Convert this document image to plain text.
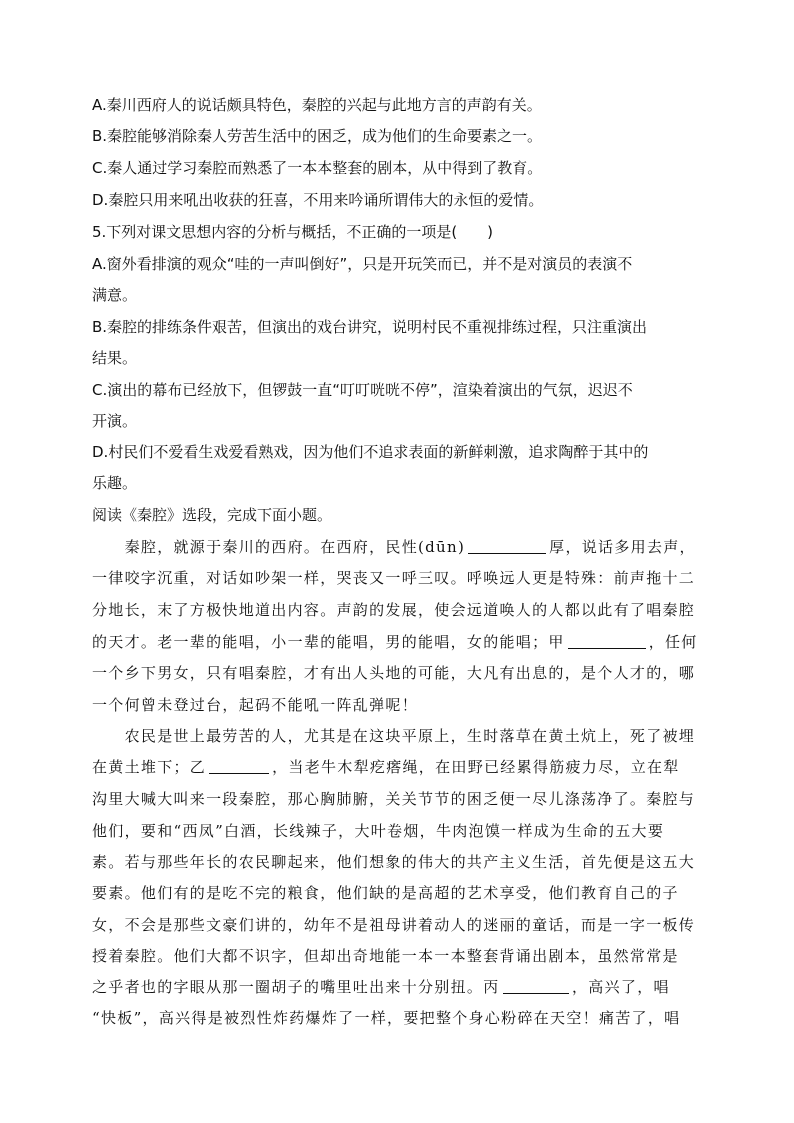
A.秦川西府人的说话颇具特色，秦腔的兴起与此地方言的声韵有关。
B.秦腔能够消除秦人劳苦生活中的困乏，成为他们的生命要素之一。
C.秦人通过学习秦腔而熟悉了一本本整套的剧本，从中得到了教育。
D.秦腔只用来吼出收获的狂喜，不用来吟诵所谓伟大的永恒的爱情。
5.下列对课文思想内容的分析与概括，不正确的一项是(　　)
A.窗外看排演的观众“哇的一声叫倒好”，只是开玩笑而已，并不是对演员的表演不
满意。
B.秦腔的排练条件艰苦，但演出的戏台讲究，说明村民不重视排练过程，只注重演出
结果。
C.演出的幕布已经放下，但锣鼓一直“叮叮咣咣不停”，渲染着演出的气氛，迟迟不
开演。
D.村民们不爱看生戏爱看熟戏，因为他们不追求表面的新鲜刺激，追求陶醉于其中的
乐趣。
阅读《秦腔》选段，完成下面小题。
　　秦腔，就源于秦川的西府。在西府，民性(dūn)	厚，说话多用去声，
一律咬字沉重，对话如吵架一样，哭丧又一呼三叹。呼唤远人更是特殊：前声拖十二
分地长，末了方极快地道出内容。声韵的发展，使会远道唤人的人都以此有了唱秦腔
的天才。老一辈的能唱，小一辈的能唱，男的能唱，女的能唱；甲	，任何
一个乡下男女，只有唱秦腔，才有出人头地的可能，大凡有出息的，是个人才的，哪
一个何曾未登过台，起码不能吼一阵乱弹呢！
　　农民是世上最劳苦的人，尤其是在这块平原上，生时落草在黄土炕上，死了被埋
在黄土堆下；乙	，当老牛木犁疙瘩绳，在田野已经累得筋疲力尽，立在犁
沟里大喊大叫来一段秦腔，那心胸肺腑，关关节节的困乏便一尽儿涤荡净了。秦腔与
他们，要和“西凤”白酒，长线辣子，大叶卷烟，牛肉泡馍一样成为生命的五大要
素。若与那些年长的农民聊起来，他们想象的伟大的共产主义生活，首先便是这五大
要素。他们有的是吃不完的粮食，他们缺的是高超的艺术享受，他们教育自己的子
女，不会是那些文豪们讲的，幼年不是祖母讲着动人的迷丽的童话，而是一字一板传
授着秦腔。他们大都不识字，但却出奇地能一本一本整套背诵出剧本，虽然常常是
之乎者也的字眼从那一圈胡子的嘴里吐出来十分别扭。丙	，高兴了，唱
“快板”，高兴得是被烈性炸药爆炸了一样，要把整个身心粉碎在天空！痛苦了，唱
